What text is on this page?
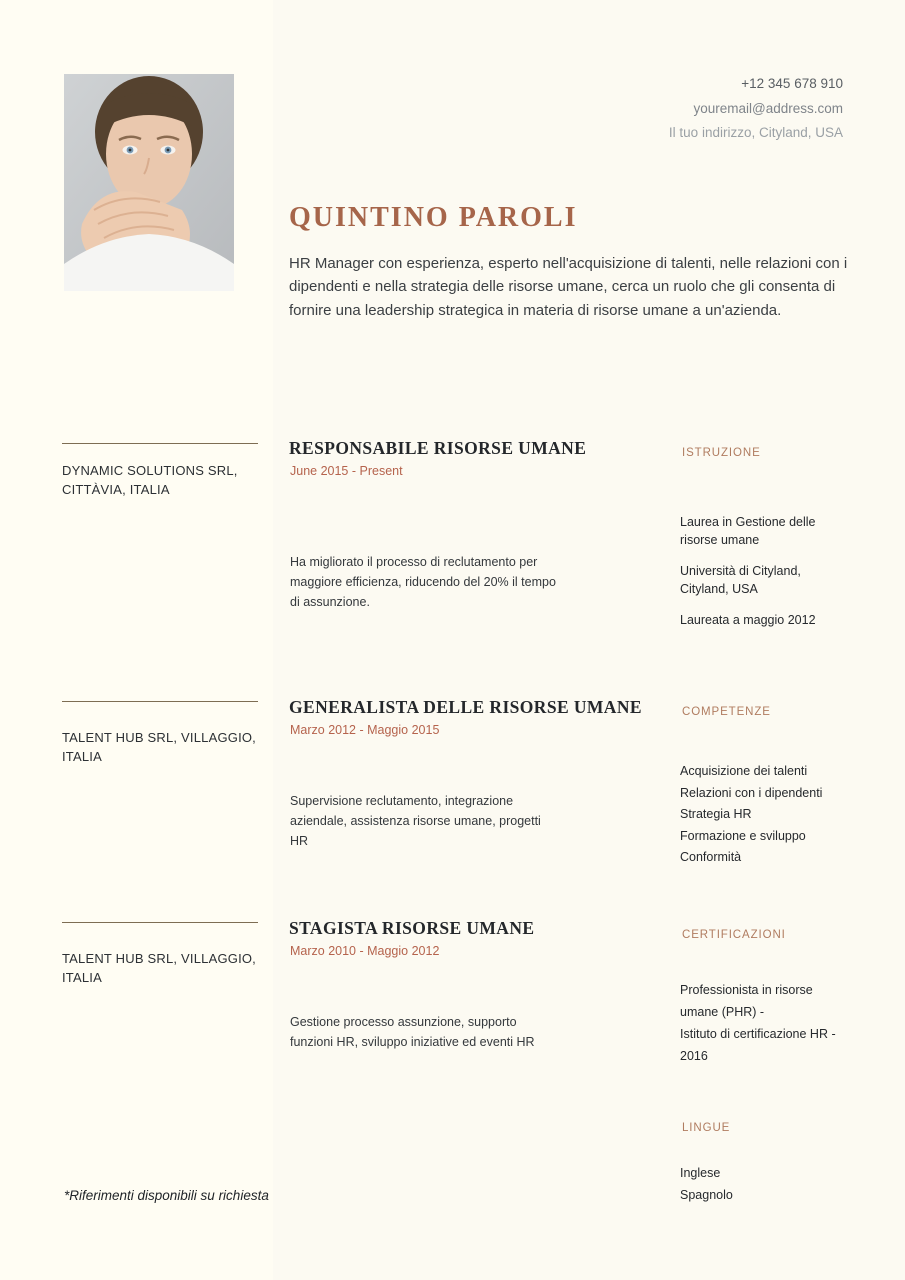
+12 345 678 910
youremail@address.com
Il tuo indirizzo, Cityland, USA
QUINTINO PAROLI

HR Manager con esperienza, esperto nell'acquisizione di talenti, nelle relazioni con i dipendenti e nella strategia delle risorse umane, cerca un ruolo che gli consenta di fornire una leadership strategica in materia di risorse umane a un'azienda.

DYNAMIC SOLUTIONS SRL, CITTÀVIA, ITALIA
RESPONSABILE RISORSE UMANE
June 2015 - Present
Ha migliorato il processo di reclutamento per maggiore efficienza, riducendo del 20% il tempo di assunzione.
TALENT HUB SRL, VILLAGGIO, ITALIA
GENERALISTA DELLE RISORSE UMANE
Marzo 2012 - Maggio 2015
Supervisione reclutamento, integrazione aziendale, assistenza risorse umane, progetti HR
TALENT HUB SRL, VILLAGGIO, ITALIA
STAGISTA RISORSE UMANE
Marzo 2010 - Maggio 2012
Gestione processo assunzione, supporto funzioni HR, sviluppo iniziative ed eventi HR
ISTRUZIONE
Laurea in Gestione delle risorse umane
Università di Cityland, Cityland, USA
Laureata a maggio 2012
COMPETENZE
Acquisizione dei talenti
Relazioni con i dipendenti
Strategia HR
Formazione e sviluppo
Conformità
CERTIFICAZIONI
Professionista in risorse umane (PHR) -
Istituto di certificazione HR - 2016
LINGUE
Inglese
Spagnolo
*Riferimenti disponibili su richiesta
